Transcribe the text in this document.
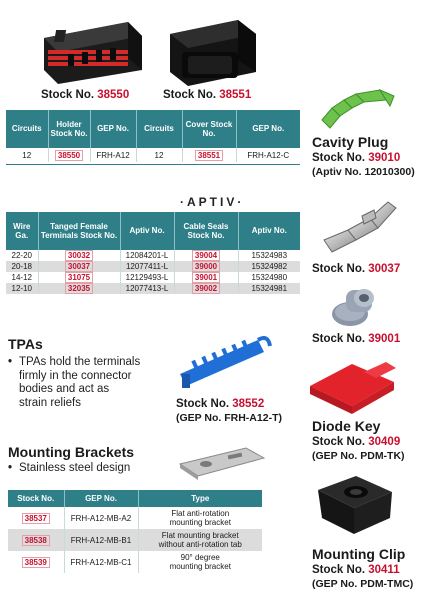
Stock No. 38550	Stock No. 38551
Circuits	Holder Stock No.	GEP No.	Circuits	Cover Stock No.	GEP No.
12	38550	FRH-A12	12	38551	FRH-A12-C
Cavity Plug
Stock No. 39010
(Aptiv No. 12010300)
·APTIV·
Wire Ga.	Tanged Female Terminals Stock No.	Aptiv No.	Cable Seals Stock No.	Aptiv No.
22-20	30032	12084201-L	39004	15324983
20-18	30037	12077411-L	39000	15324982
14-12	31075	12129493-L	39001	15324980
12-10	32035	12077413-L	39002	15324981
Stock No. 30037
Stock No. 39001
TPAs
• TPAs hold the terminals
firmly in the connector
bodies and act as
strain reliefs	Stock No. 38552
(GEP No. FRH-A12-T) Diode Key
Stock No. 30409
(GEP No. PDM-TK)
Mounting Brackets
• Stainless steel design
Stock No.	GEP No.	Type
38537	FRH-A12-MB-A2	Flat anti-rotation
mounting bracket

38538	FRH-A12-MB-B1	Flat mounting bracket
without anti-rotation tab

38539	FRH-A12-MB-C1	90° degree
mounting bracket
Mounting Clip
Stock No. 30411
(GEP No. PDM-TMC)
